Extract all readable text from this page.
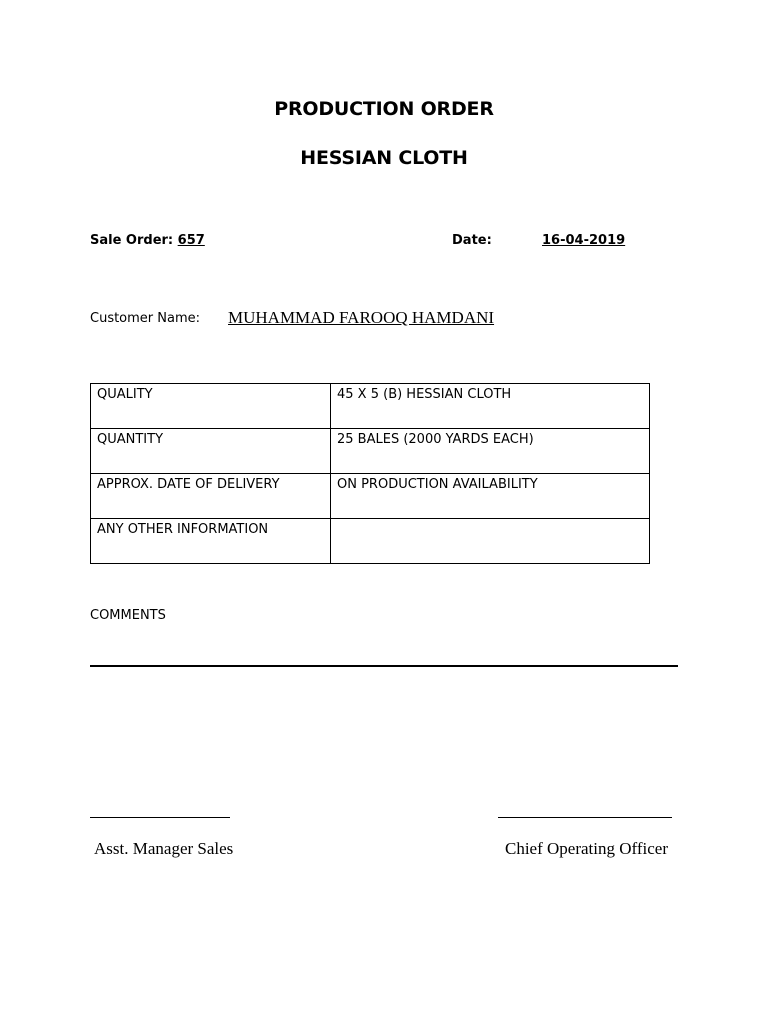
PRODUCTION ORDER
HESSIAN CLOTH
Sale Order: 657	Date:	16-04-2019
Customer Name: MUHAMMAD FAROOQ HAMDANI
QUALITY	45 X 5 (B) HESSIAN CLOTH
QUANTITY	25 BALES (2000 YARDS EACH)
APPROX. DATE OF DELIVERY	ON PRODUCTION AVAILABILITY
ANY OTHER INFORMATION	
COMMENTS
Asst. Manager Sales	Chief Operating Officer
